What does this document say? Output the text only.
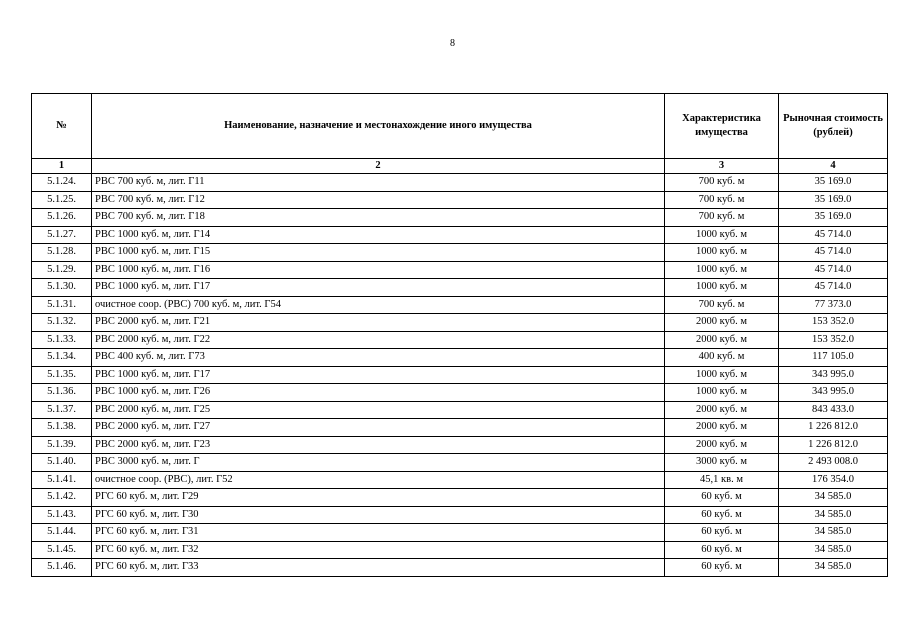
8
№	Наименование, назначение и местонахождение иного имущества	Характеристика имущества	Рыночная стоимость (рублей)
1	2	3	4
5.1.24.	РВС 700 куб. м, лит. Г11	700 куб. м	35 169.0
5.1.25.	РВС 700 куб. м, лит. Г12	700 куб. м	35 169.0
5.1.26.	РВС 700 куб. м, лит. Г18	700 куб. м	35 169.0
5.1.27.	РВС 1000 куб. м, лит. Г14	1000 куб. м	45 714.0
5.1.28.	РВС 1000 куб. м, лит. Г15	1000 куб. м	45 714.0
5.1.29.	РВС 1000 куб. м, лит. Г16	1000 куб. м	45 714.0
5.1.30.	РВС 1000 куб. м, лит. Г17	1000 куб. м	45 714.0
5.1.31.	очистное соор. (РВС) 700 куб. м, лит. Г54	700 куб. м	77 373.0
5.1.32.	РВС 2000 куб. м, лит. Г21	2000 куб. м	153 352.0
5.1.33.	РВС 2000 куб. м, лит. Г22	2000 куб. м	153 352.0
5.1.34.	РВС 400 куб. м, лит. Г73	400 куб. м	117 105.0
5.1.35.	РВС 1000 куб. м, лит. Г17	1000 куб. м	343 995.0
5.1.36.	РВС 1000 куб. м, лит. Г26	1000 куб. м	343 995.0
5.1.37.	РВС 2000 куб. м, лит. Г25	2000 куб. м	843 433.0
5.1.38.	РВС 2000 куб. м, лит. Г27	2000 куб. м	1 226 812.0
5.1.39.	РВС 2000 куб. м, лит. Г23	2000 куб. м	1 226 812.0
5.1.40.	РВС 3000 куб. м, лит. Г	3000 куб. м	2 493 008.0
5.1.41.	очистное соор. (РВС), лит. Г52	45,1 кв. м	176 354.0
5.1.42.	РГС 60 куб. м, лит. Г29	60 куб. м	34 585.0
5.1.43.	РГС 60 куб. м, лит. Г30	60 куб. м	34 585.0
5.1.44.	РГС 60 куб. м, лит. Г31	60 куб. м	34 585.0
5.1.45.	РГС 60 куб. м, лит. Г32	60 куб. м	34 585.0
5.1.46.	РГС 60 куб. м, лит. Г33	60 куб. м	34 585.0
